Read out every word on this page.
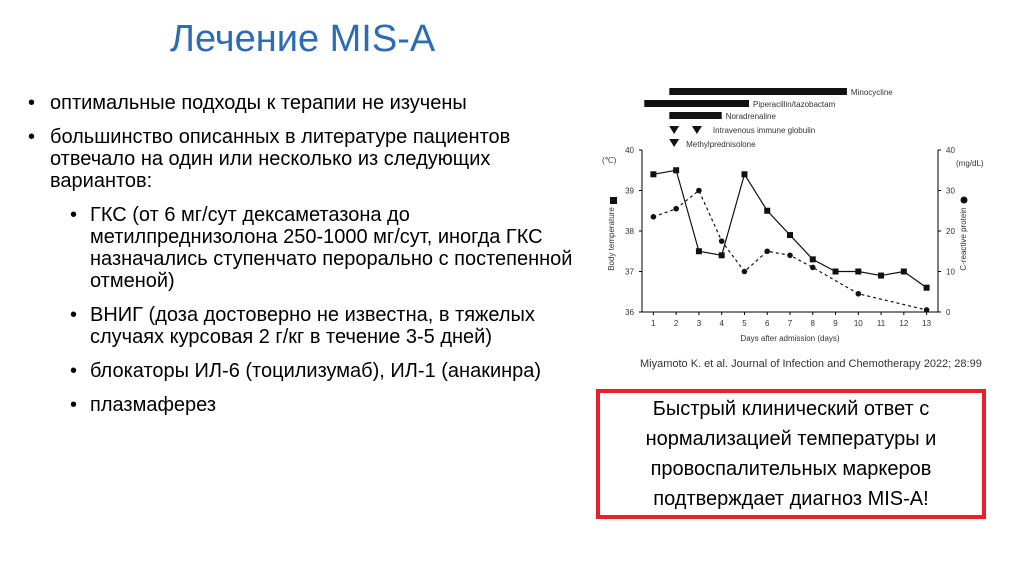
Лечение MIS-A
• оптимальные подходы к терапии не изучены
• большинство описанных в литературе пациентов отвечало на один или несколько из следующих вариантов:
• ГКС (от 6 мг/сут дексаметазона до метилпреднизолона 250-1000 мг/сут, иногда ГКС назначались ступенчато перорально с постепенной отменой)
• ВНИГ (доза достоверно не известна, в тяжелых случаях курсовая 2 г/кг в течение 3-5 дней)
• блокаторы ИЛ-6 (тоцилизумаб), ИЛ-1 (анакинра)
• плазмаферез
Minocycline
Piperacillin/tazobactam
Noradrenaline
Intravenous immune globulin
Methylprednisolone
36
37
38
39
40
0
10
20
30
40
1 2 3 4 5 6 7 8 9 10 11 12 13
Days after admission (days)
(℃)	(mg/dL)
Body temperature	C-reactive protein
Miyamoto K. et al. Journal of Infection and Chemotherapy 2022; 28:99
Быстрый клинический ответ с нормализацией температуры и провоспалительных маркеров подтверждает диагноз MIS-A!
